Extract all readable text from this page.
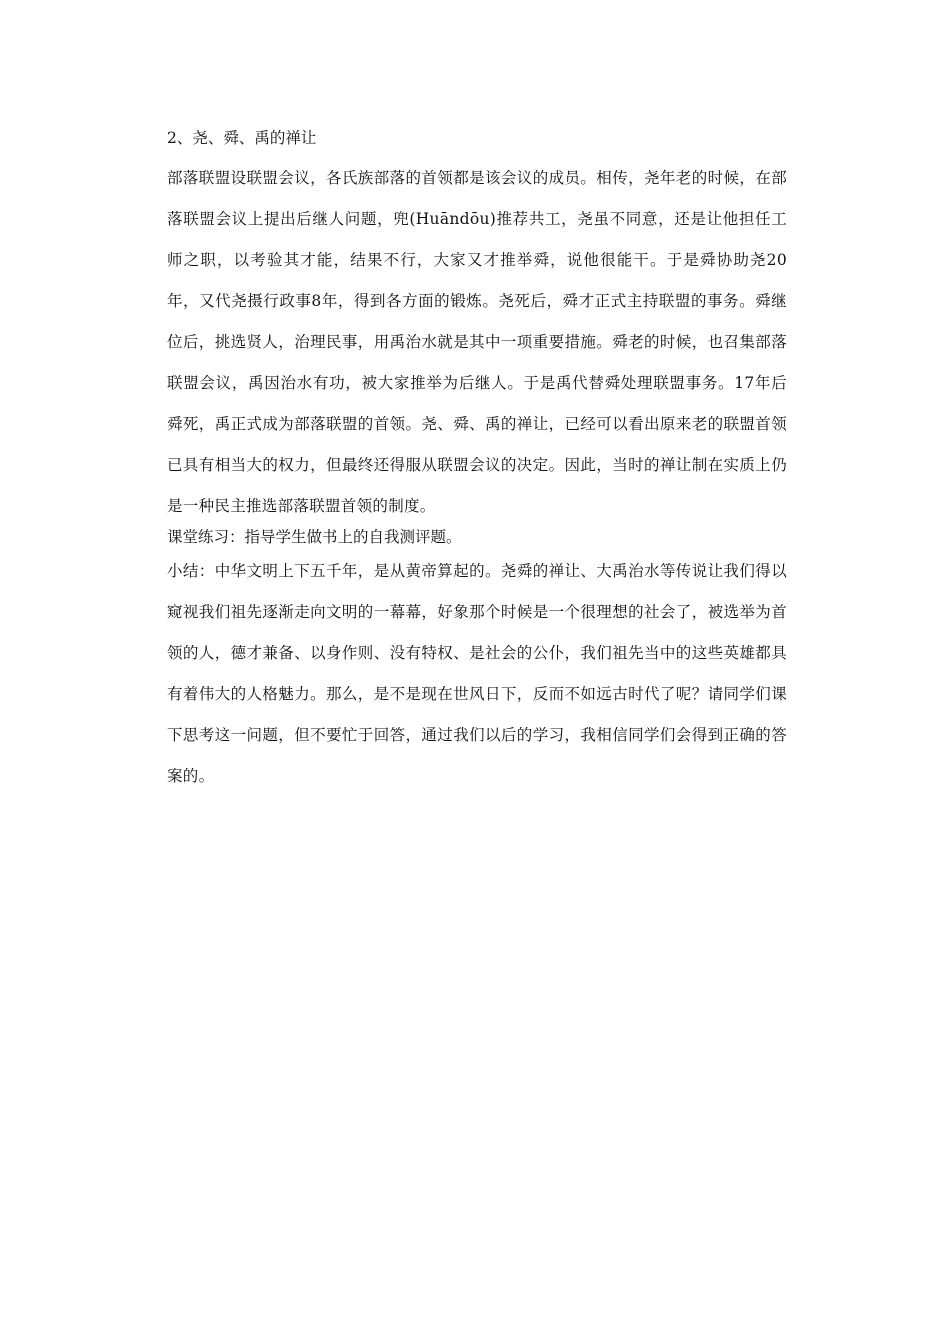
2、尧、舜、禹的禅让

部落联盟设联盟会议，各氏族部落的首领都是该会议的成员。相传，尧年老的时候，在部落联盟会议上提出后继人问题，兜(Huāndōu)推荐共工，尧虽不同意，还是让他担任工师之职，以考验其才能，结果不行，大家又才推举舜，说他很能干。于是舜协助尧20年，又代尧摄行政事8年，得到各方面的锻炼。尧死后，舜才正式主持联盟的事务。舜继位后，挑选贤人，治理民事，用禹治水就是其中一项重要措施。舜老的时候，也召集部落联盟会议，禹因治水有功，被大家推举为后继人。于是禹代替舜处理联盟事务。17年后舜死，禹正式成为部落联盟的首领。尧、舜、禹的禅让，已经可以看出原来老的联盟首领已具有相当大的权力，但最终还得服从联盟会议的决定。因此，当时的禅让制在实质上仍是一种民主推选部落联盟首领的制度。

课堂练习：指导学生做书上的自我测评题。

小结：中华文明上下五千年，是从黄帝算起的。尧舜的禅让、大禹治水等传说让我们得以窥视我们祖先逐渐走向文明的一幕幕，好象那个时候是一个很理想的社会了，被选举为首领的人，德才兼备、以身作则、没有特权、是社会的公仆，我们祖先当中的这些英雄都具有着伟大的人格魅力。那么，是不是现在世风日下，反而不如远古时代了呢？请同学们课下思考这一问题，但不要忙于回答，通过我们以后的学习，我相信同学们会得到正确的答案的。
